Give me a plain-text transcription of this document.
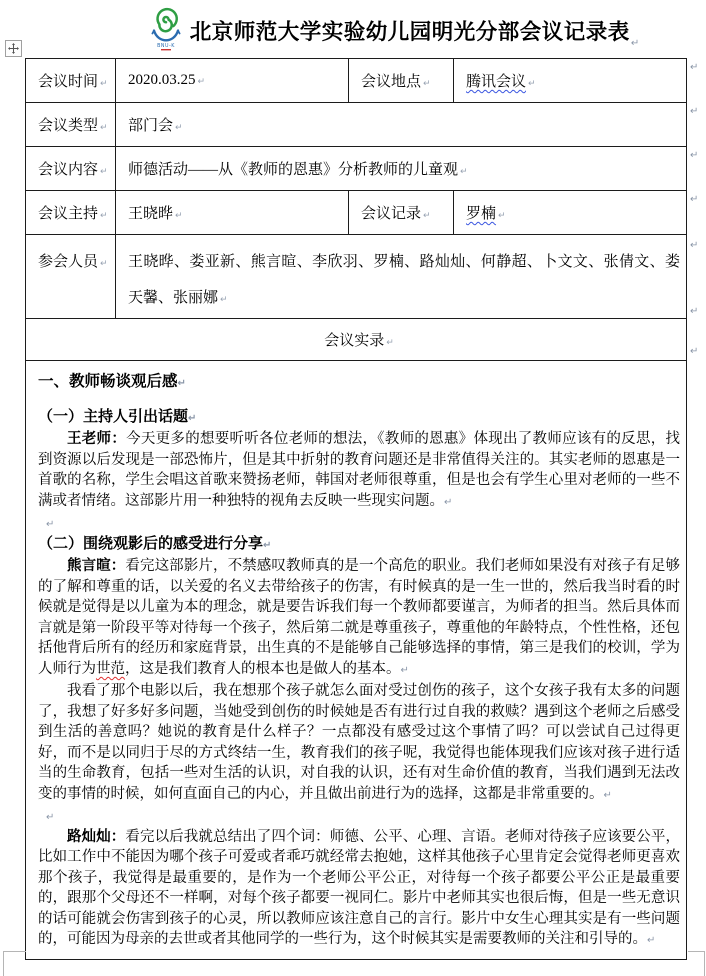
BNU-K
北京师范大学实验幼儿园明光分部会议记录表 ↵
会议时间 ↵	2020.03.25 ↵	会议地点 ↵	腾讯会议 ↵
会议类型 ↵	部门会 ↵		
会议内容 ↵	师德活动——从《教师的恩惠》分析教师的儿童观 ↵		
会议主持 ↵	王晓晔 ↵	会议记录 ↵	罗楠 ↵
参会人员 ↵	王晓晔、娄亚新、熊言暄、李欣羽、罗楠、路灿灿、何静超、卜文文、张倩文、娄天馨、张丽娜 ↵		
会议实录 ↵			

一、教师畅谈观后感↵
（一）主持人引出话题↵

王老师：今天更多的想要听听各位老师的想法，《教师的恩惠》体现出了教师应该有的反思，找到资源以后发现是一部恐怖片，但是其中折射的教育问题还是非常值得关注的。其实老师的恩惠是一首歌的名称，学生会唱这首歌来赞扬老师，韩国对老师很尊重，但是也会有学生心里对老师的一些不满或者情绪。这部影片用一种独特的视角去反映一些现实问题。↵

↵
（二）围绕观影后的感受进行分享↵

熊言暄：看完这部影片，不禁感叹教师真的是一个高危的职业。我们老师如果没有对孩子有足够的了解和尊重的话，以关爱的名义去带给孩子的伤害，有时候真的是一生一世的，然后我当时看的时候就是觉得是以儿童为本的理念，就是要告诉我们每一个教师都要谨言，为师者的担当。然后具体而言就是第一阶段平等对待每一个孩子，然后第二就是尊重孩子，尊重他的年龄特点，个性性格，还包括他背后所有的经历和家庭背景，出生真的不是能够自己能够选择的事情，第三是我们的校训，学为人师行为世范，这是我们教育人的根本也是做人的基本。↵

我看了那个电影以后，我在想那个孩子就怎么面对受过创伤的孩子，这个女孩子我有太多的问题了，我想了好多好多问题，当她受到创伤的时候她是否有进行过自我的救赎？遇到这个老师之后感受到生活的善意吗？她说的教育是什么样子？一点都没有感受过这个事情了吗？可以尝试自己过得更好，而不是以同归于尽的方式终结一生，教育我们的孩子呢，我觉得也能体现我们应该对孩子进行适当的生命教育，包括一些对生活的认识，对自我的认识，还有对生命价值的教育，当我们遇到无法改变的事情的时候，如何直面自己的内心，并且做出前进行为的选择，这都是非常重要的。↵

↵

路灿灿：看完以后我就总结出了四个词：师德、公平、心理、言语。老师对待孩子应该要公平，比如工作中不能因为哪个孩子可爱或者乖巧就经常去抱她，这样其他孩子心里肯定会觉得老师更喜欢那个孩子，我觉得是最重要的，是作为一个老师公平公正，对待每一个孩子都要公平公正是最重要的，跟那个父母还不一样啊，对每个孩子都要一视同仁。影片中老师其实也很后悔，但是一些无意识的话可能就会伤害到孩子的心灵，所以教师应该注意自己的言行。影片中女生心理其实是有一些问题的，可能因为母亲的去世或者其他同学的一些行为，这个时候其实是需要教师的关注和引导的。↵

↵
↵
↵
↵
↵
↵
↵
